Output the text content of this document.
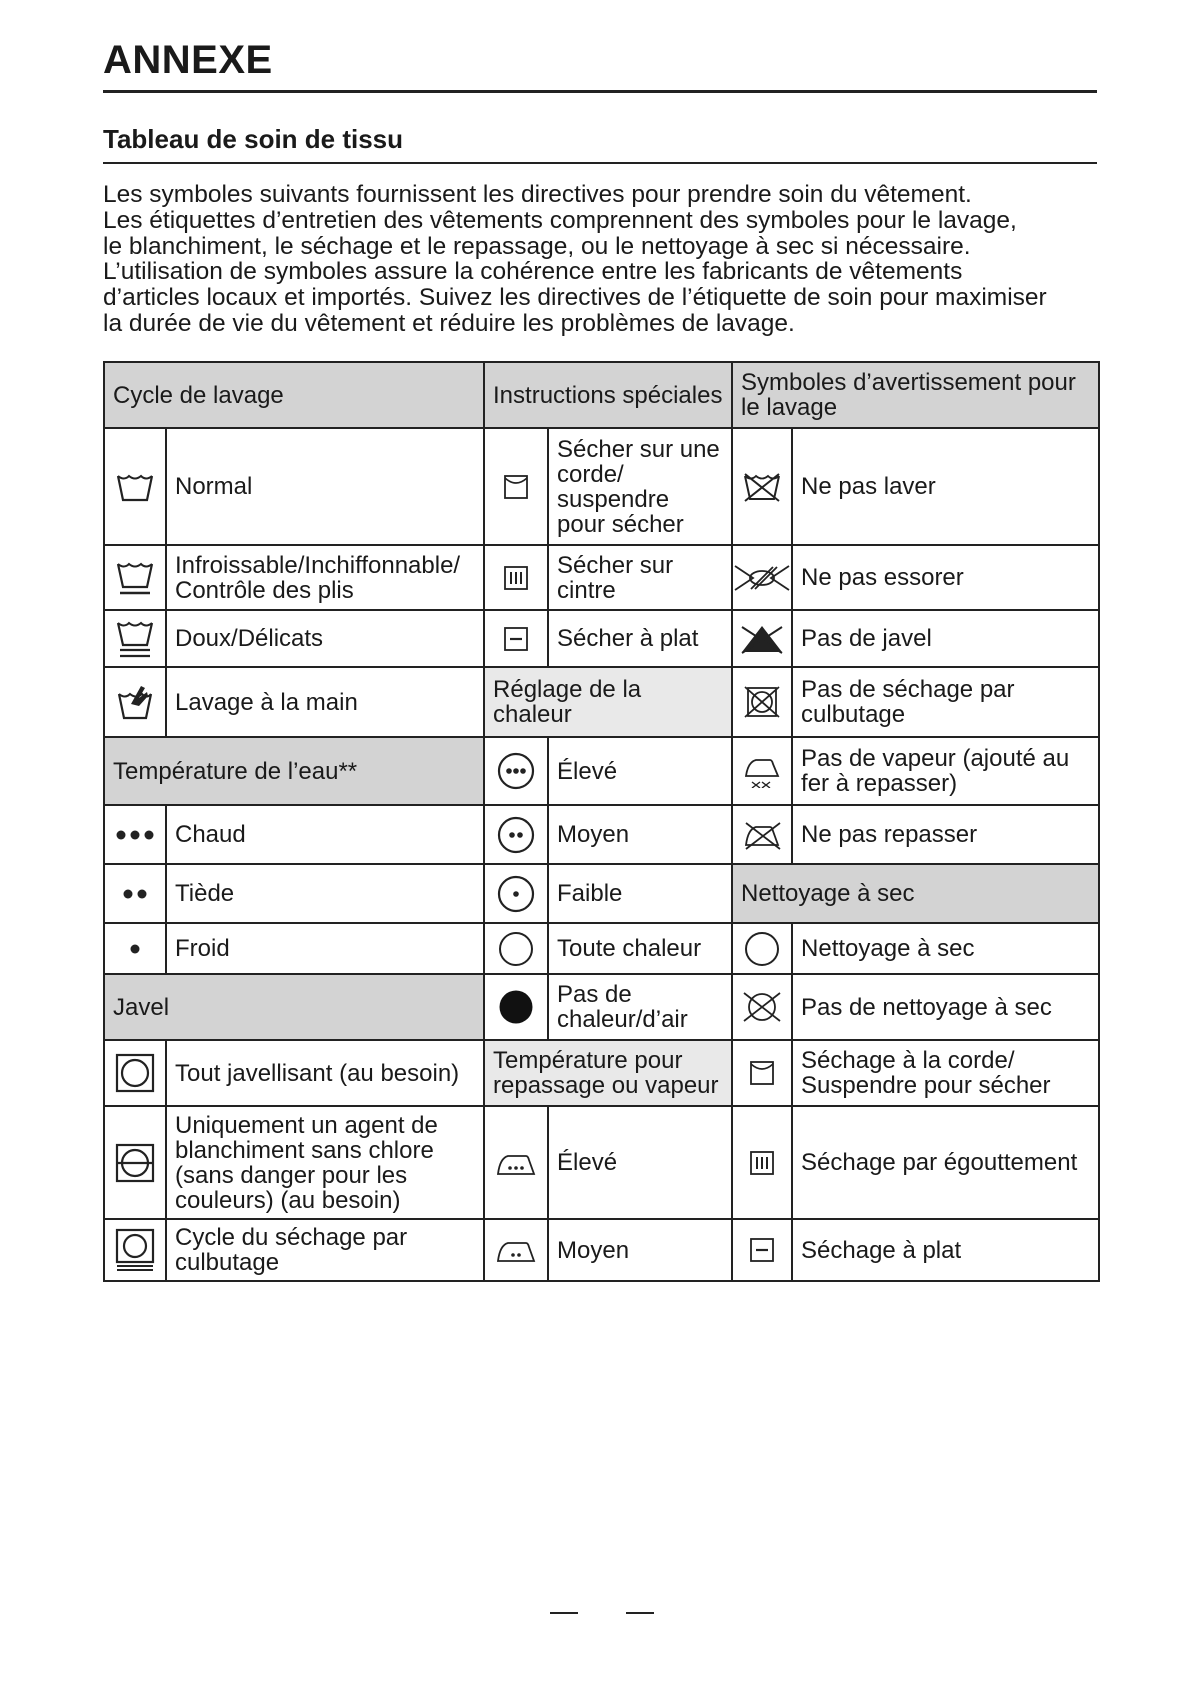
ANNEXE
Tableau de soin de tissu
Les symboles suivants fournissent les directives pour prendre soin du vêtement.
Les étiquettes d’entretien des vêtements comprennent des symboles pour le lavage,
le blanchiment, le séchage et le repassage, ou le nettoyage à sec si nécessaire.
L’utilisation de symboles assure la cohérence entre les fabricants de vêtements
d’articles locaux et importés. Suivez les directives de l’étiquette de soin pour maximiser
la durée de vie du vêtement et réduire les problèmes de lavage.
Cycle de lavage		Instructions spéciales		Symboles d’avertissement pour le lavage	

	Normal		Sécher sur une corde/ suspendre pour sécher		Ne pas laver

	Infroissable/Inchiffonnable/ Contrôle des plis		Sécher sur cintre		Ne pas essorer

	Doux/Délicats		Sécher à plat		Pas de javel

	Lavage à la main	Réglage de la chaleur			Pas de séchage par culbutage
Température de l’eau**			Élevé		Pas de vapeur (ajouté au fer à repasser)

	Chaud		Moyen		Ne pas repasser

	Tiède		Faible	Nettoyage à sec	

	Froid		Toute chaleur		Nettoyage à sec
Javel			Pas de chaleur/d’air		Pas de nettoyage à sec

	Tout javellisant (au besoin)	Température pour repassage ou vapeur			Séchage à la corde/ Suspendre pour sécher

	Uniquement un agent de blanchiment sans chlore (sans danger pour les couleurs) (au besoin)		Élevé		Séchage par égouttement

	Cycle du séchage par culbutage		Moyen		Séchage à plat
